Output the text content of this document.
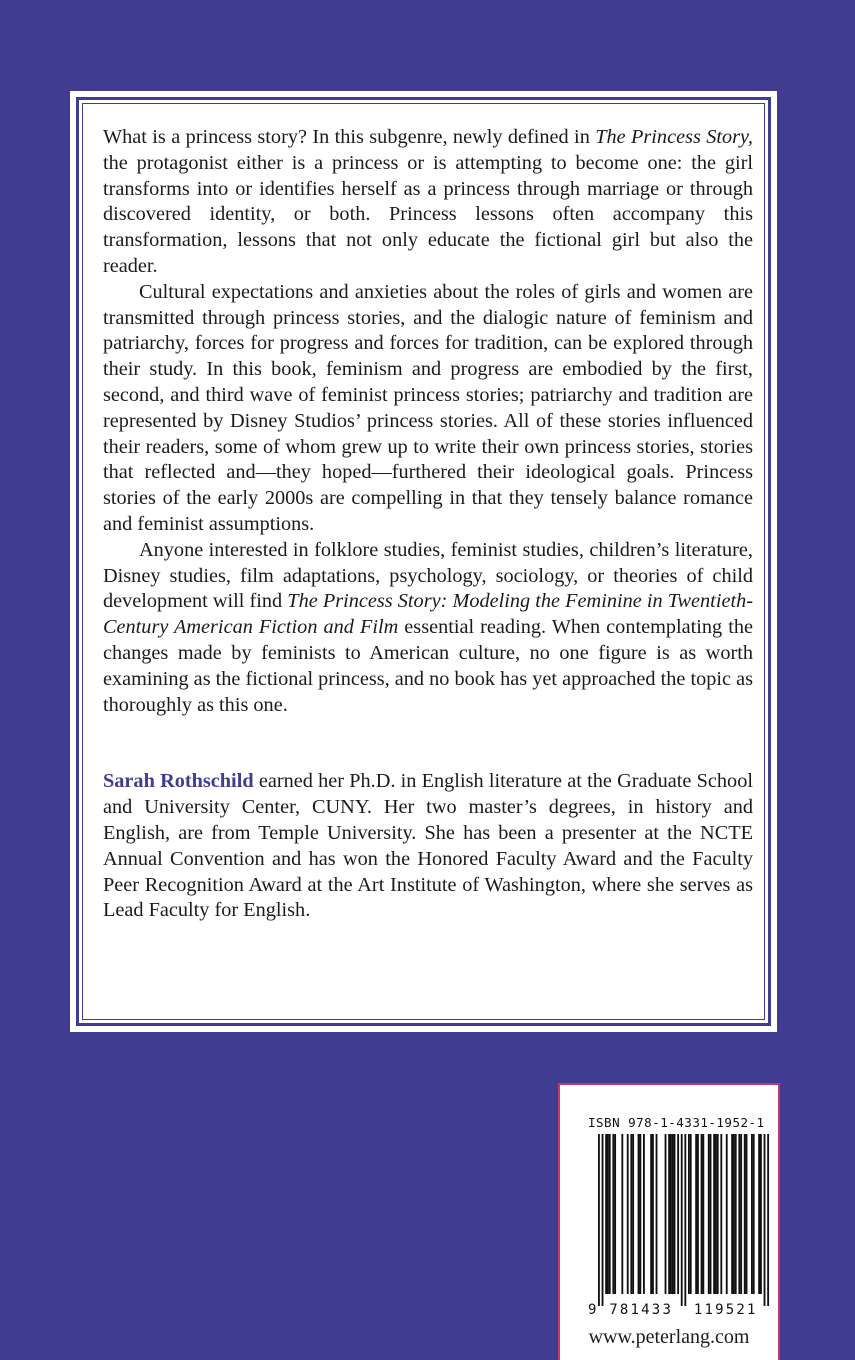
What is a princess story? In this subgenre, newly defined in The Princess Story, the protagonist either is a princess or is attempting to become one: the girl transforms into or identifies herself as a princess through marriage or through discovered identity, or both. Princess lessons often accompany this transformation, lessons that not only educate the fictional girl but also the reader.

Cultural expectations and anxieties about the roles of girls and women are transmitted through princess stories, and the dialogic nature of feminism and patriarchy, forces for progress and forces for tradition, can be explored through their study. In this book, feminism and progress are embodied by the first, second, and third wave of feminist princess stories; patriarchy and tradition are represented by Disney Studios’ princess stories. All of these stories influenced their readers, some of whom grew up to write their own princess stories, stories that reflected and—they hoped—furthered their ideological goals. Princess stories of the early 2000s are compelling in that they tensely balance romance and feminist assumptions.

Anyone interested in folklore studies, feminist studies, children’s literature, Disney studies, film adaptations, psychology, sociology, or theories of child development will find The Princess Story: Modeling the Feminine in Twentieth-Century American Fiction and Film essential reading. When contemplating the changes made by feminists to American culture, no one figure is as worth examining as the fictional princess, and no book has yet approached the topic as thoroughly as this one.

Sarah Rothschild earned her Ph.D. in English literature at the Graduate School and University Center, CUNY. Her two master’s degrees, in history and English, are from Temple University. She has been a presenter at the NCTE Annual Convention and has won the Honored Faculty Award and the Faculty Peer Recognition Award at the Art Institute of Washington, where she serves as Lead Faculty for English.

ISBN 978-1-4331-1952-1
9 781433 119521
www.peterlang.com
